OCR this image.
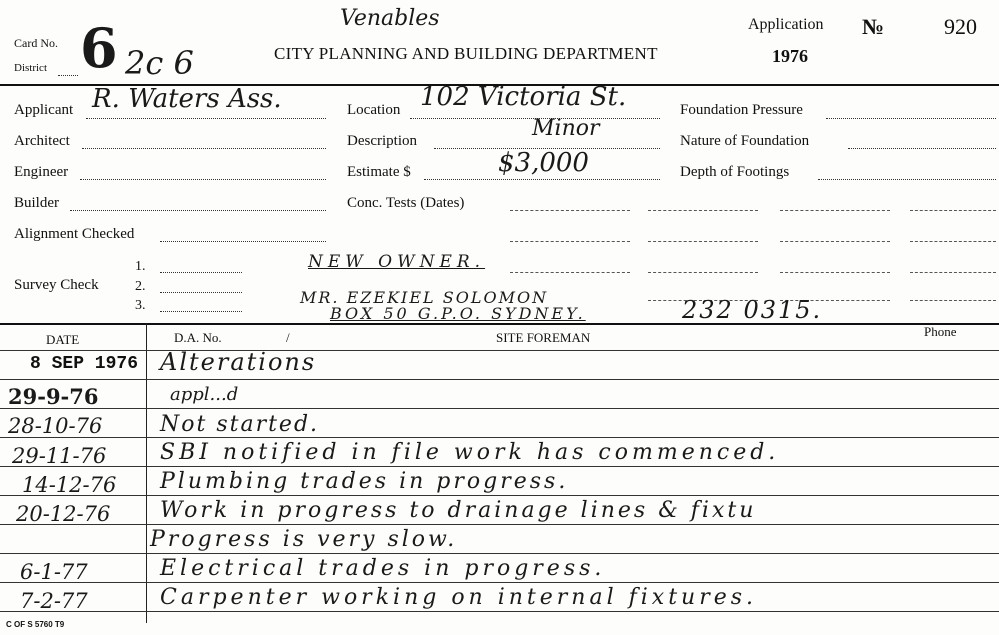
Card No.
District 6 2c 6
Venables
CITY PLANNING AND BUILDING DEPARTMENT
Application
1976
№	920
Applicant R. Waters Ass.
Architect
Engineer
Builder
Alignment Checked
Survey Check
1.
2.
3.
Location 102 Victoria St.
Description	Minor
Estimate $	$3,000
Conc. Tests (Dates)
Foundation Pressure
Nature of Foundation
Depth of Footings
NEW OWNER.
MR. EZEKIEL SOLOMON
BOX 50 G.P.O. SYDNEY.	232 0315.
DATE	D.A. No.	/	SITE FOREMAN	Phone
8 SEP 1976 Alterations
29-9-76	appl...d
28-10-76	Not started.
29-11-76 SBI notified in file work has commenced.
14-12-76 Plumbing trades in progress.
20-12-76 Work in progress to drainage lines & fixtu
Progress is very slow.
6-1-77	Electrical trades in progress.
7-2-77	Carpenter working on internal fixtures.
C OF S 5760 T9
